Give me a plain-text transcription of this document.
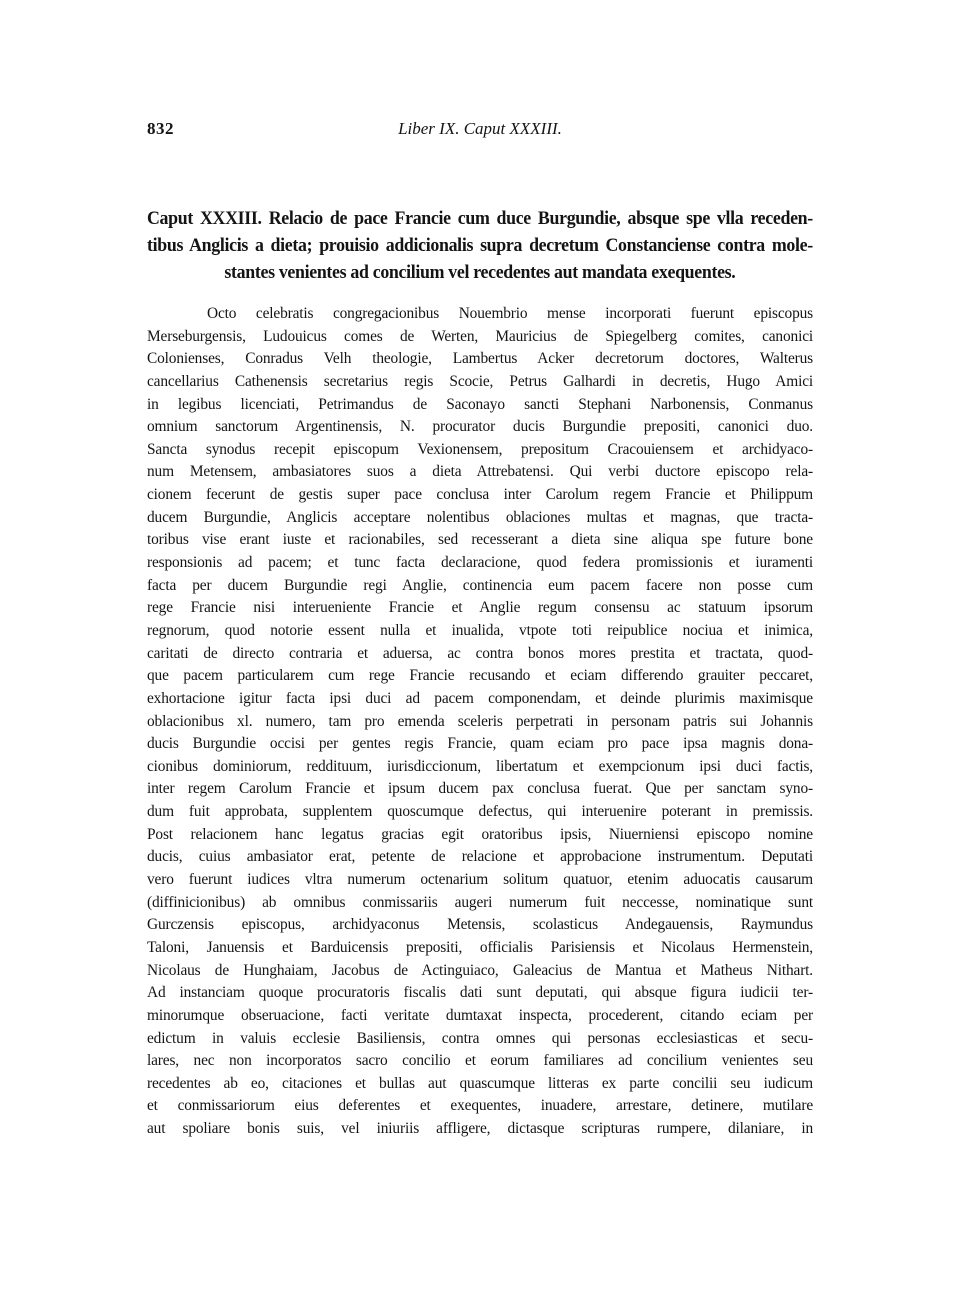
832	Liber IX. Caput XXXIII.
Caput XXXIII. Relacio de pace Francie cum duce Burgundie, absque spe vlla receden-
tibus Anglicis a dieta; prouisio addicionalis supra decretum Constanciense contra mole-
stantes venientes ad concilium vel recedentes aut mandata exequentes.
Octo celebratis congregacionibus Nouembrio mense incorporati fuerunt episcopus
Merseburgensis, Ludouicus comes de Werten, Mauricius de Spiegelberg comites, canonici
Colonienses, Conradus Velh theologie, Lambertus Acker decretorum doctores, Walterus
cancellarius Cathenensis secretarius regis Scocie, Petrus Galhardi in decretis, Hugo Amici
in legibus licenciati, Petrimandus de Saconayo sancti Stephani Narbonensis, Conmanus
omnium sanctorum Argentinensis, N. procurator ducis Burgundie prepositi, canonici duo.
Sancta synodus recepit episcopum Vexionensem, prepositum Cracouiensem et archidyaco-
num Metensem, ambasiatores suos a dieta Attrebatensi. Qui verbi ductore episcopo rela-
cionem fecerunt de gestis super pace conclusa inter Carolum regem Francie et Philippum
ducem Burgundie, Anglicis acceptare nolentibus oblaciones multas et magnas, que tracta-
toribus vise erant iuste et racionabiles, sed recesserant a dieta sine aliqua spe future bone
responsionis ad pacem; et tunc facta declaracione, quod federa promissionis et iuramenti
facta per ducem Burgundie regi Anglie, continencia eum pacem facere non posse cum
rege Francie nisi interueniente Francie et Anglie regum consensu ac statuum ipsorum
regnorum, quod notorie essent nulla et inualida, vtpote toti reipublice nociua et inimica,
caritati de directo contraria et aduersa, ac contra bonos mores prestita et tractata, quod-
que pacem particularem cum rege Francie recusando et eciam differendo grauiter peccaret,
exhortacione igitur facta ipsi duci ad pacem componendam, et deinde plurimis maximisque
oblacionibus xl. numero, tam pro emenda sceleris perpetrati in personam patris sui Johannis
ducis Burgundie occisi per gentes regis Francie, quam eciam pro pace ipsa magnis dona-
cionibus dominiorum, reddituum, iurisdiccionum, libertatum et exempcionum ipsi duci factis,
inter regem Carolum Francie et ipsum ducem pax conclusa fuerat. Que per sanctam syno-
dum fuit approbata, supplentem quoscumque defectus, qui interuenire poterant in premissis.
Post relacionem hanc legatus gracias egit oratoribus ipsis, Niuerniensi episcopo nomine
ducis, cuius ambasiator erat, petente de relacione et approbacione instrumentum. Deputati
vero fuerunt iudices vltra numerum octenarium solitum quatuor, etenim aduocatis causarum
(diffinicionibus) ab omnibus conmissariis augeri numerum fuit neccesse, nominatique sunt
Gurczensis episcopus, archidyaconus Metensis, scolasticus Andegauensis, Raymundus
Taloni, Januensis et Barduicensis prepositi, officialis Parisiensis et Nicolaus Hermenstein,
Nicolaus de Hunghaiam, Jacobus de Actinguiaco, Galeacius de Mantua et Matheus Nithart.
Ad instanciam quoque procuratoris fiscalis dati sunt deputati, qui absque figura iudicii ter-
minorumque obseruacione, facti veritate dumtaxat inspecta, procederent, citando eciam per
edictum in valuis ecclesie Basiliensis, contra omnes qui personas ecclesiasticas et secu-
lares, nec non incorporatos sacro concilio et eorum familiares ad concilium venientes seu
recedentes ab eo, citaciones et bullas aut quascumque litteras ex parte concilii seu iudicum
et conmissariorum eius deferentes et exequentes, inuadere, arrestare, detinere, mutilare
aut spoliare bonis suis, vel iniuriis affligere, dictasque scripturas rumpere, dilaniare, in
